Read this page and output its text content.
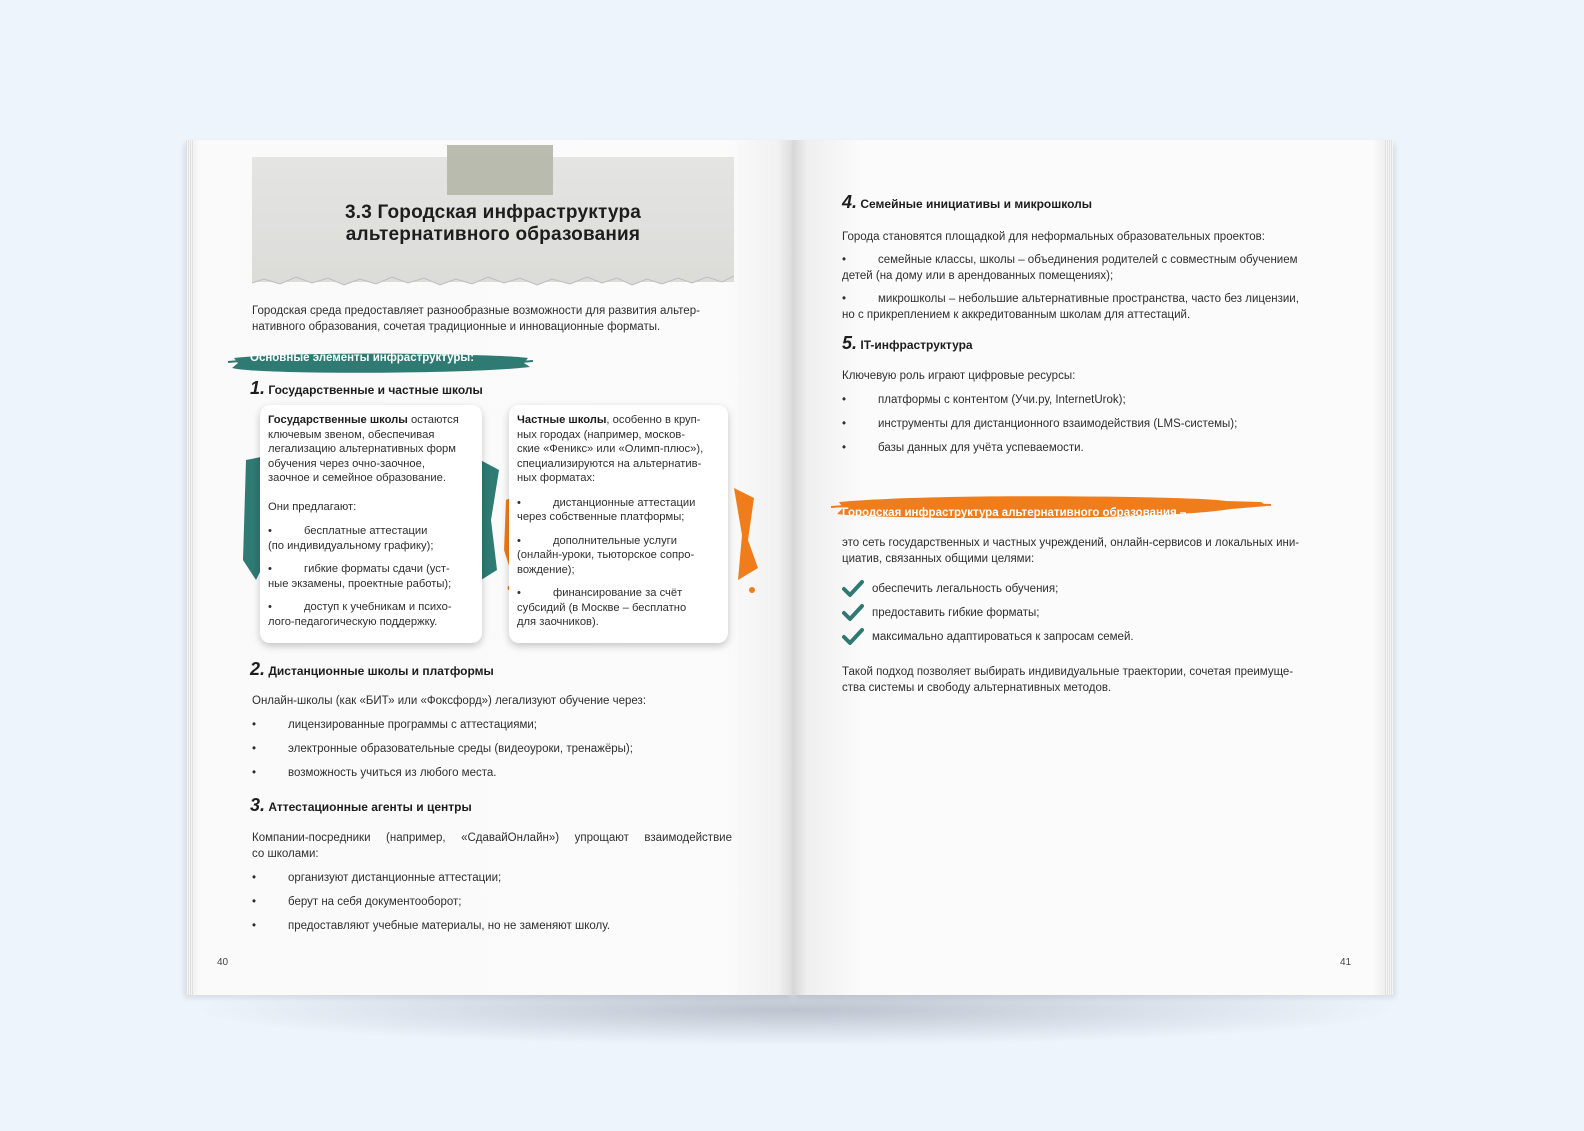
3.3 Городская инфраструктура
альтернативного образования
Городская среда предоставляет разнообразные возможности для развития альтер-
нативного образования, сочетая традиционные и инновационные форматы.
Основные элементы инфраструктуры:
1. Государственные и частные школы
Государственные школы остаются
ключевым звеном, обеспечивая
легализацию альтернативных форм
обучения через очно-заочное,
заочное и семейное образование.
Они предлагают:
•	бесплатные аттестации
(по индивидуальному графику);
•	гибкие форматы сдачи (уст-
ные экзамены, проектные работы);
•	доступ к учебникам и психо-
лого-педагогическую поддержку.
Частные школы, особенно в круп-
ных городах (например, москов-
ские «Феникс» или «Олимп-плюс»),
специализируются на альтернатив-
ных форматах:
•	дистанционные аттестации
через собственные платформы;
•	дополнительные услуги
(онлайн-уроки, тьюторское сопро-
вождение);
•	финансирование за счёт
субсидий (в Москве – бесплатно
для заочников).
2. Дистанционные школы и платформы
Онлайн-школы (как «БИТ» или «Фоксфорд») легализуют обучение через:
•	лицензированные программы с аттестациями;
•	электронные образовательные среды (видеоуроки, тренажёры);
•	возможность учиться из любого места.
3. Аттестационные агенты и центры
Компании-посредники (например, «СдавайОнлайн») упрощают взаимодействие
со школами:
•	организуют дистанционные аттестации;
•	берут на себя документооборот;
•	предоставляют учебные материалы, но не заменяют школу.
40
4. Семейные инициативы и микрошколы
Города становятся площадкой для неформальных образовательных проектов:
•	семейные классы, школы – объединения родителей с совместным обучением
детей (на дому или в арендованных помещениях);
•	микрошколы – небольшие альтернативные пространства, часто без лицензии,
но с прикреплением к аккредитованным школам для аттестаций.
5. IT-инфраструктура
Ключевую роль играют цифровые ресурсы:
•	платформы с контентом (Учи.ру, InternetUrok);
•	инструменты для дистанционного взаимодействия (LMS-системы);
•	базы данных для учёта успеваемости.
Городская инфраструктура альтернативного образования –
это сеть государственных и частных учреждений, онлайн-сервисов и локальных ини-
циатив, связанных общими целями:
обеспечить легальность обучения;
предоставить гибкие форматы;
максимально адаптироваться к запросам семей.
Такой подход позволяет выбирать индивидуальные траектории, сочетая преимуще-
ства системы и свободу альтернативных методов.
41
